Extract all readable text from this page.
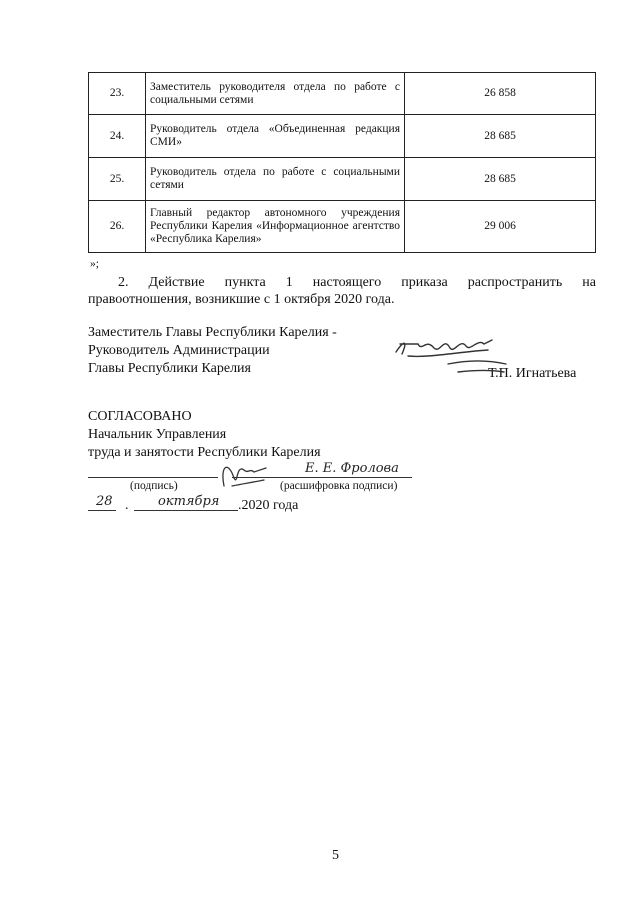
23.	Заместитель руководителя отдела по работе с социальными сетями	26 858
24.	Руководитель отдела «Объединенная редакция СМИ»	28 685
25.	Руководитель отдела по работе с социальными сетями	28 685
26.	Главный редактор автономного учреждения Республики Карелия «Информационное агентство «Республика Карелия»	29 006
»;
2. Действие пункта 1 настоящего приказа распространить на
правоотношения, возникшие с 1 октября 2020 года.
Заместитель Главы Республики Карелия -
Руководитель Администрации
Главы Республики Карелия	Т.П. Игнатьева
СОГЛАСОВАНО
Начальник Управления
труда и занятости Республики Карелия
Е. Е. Фролова
(подпись)	(расшифровка подписи)
28 . октября .2020 года
5
